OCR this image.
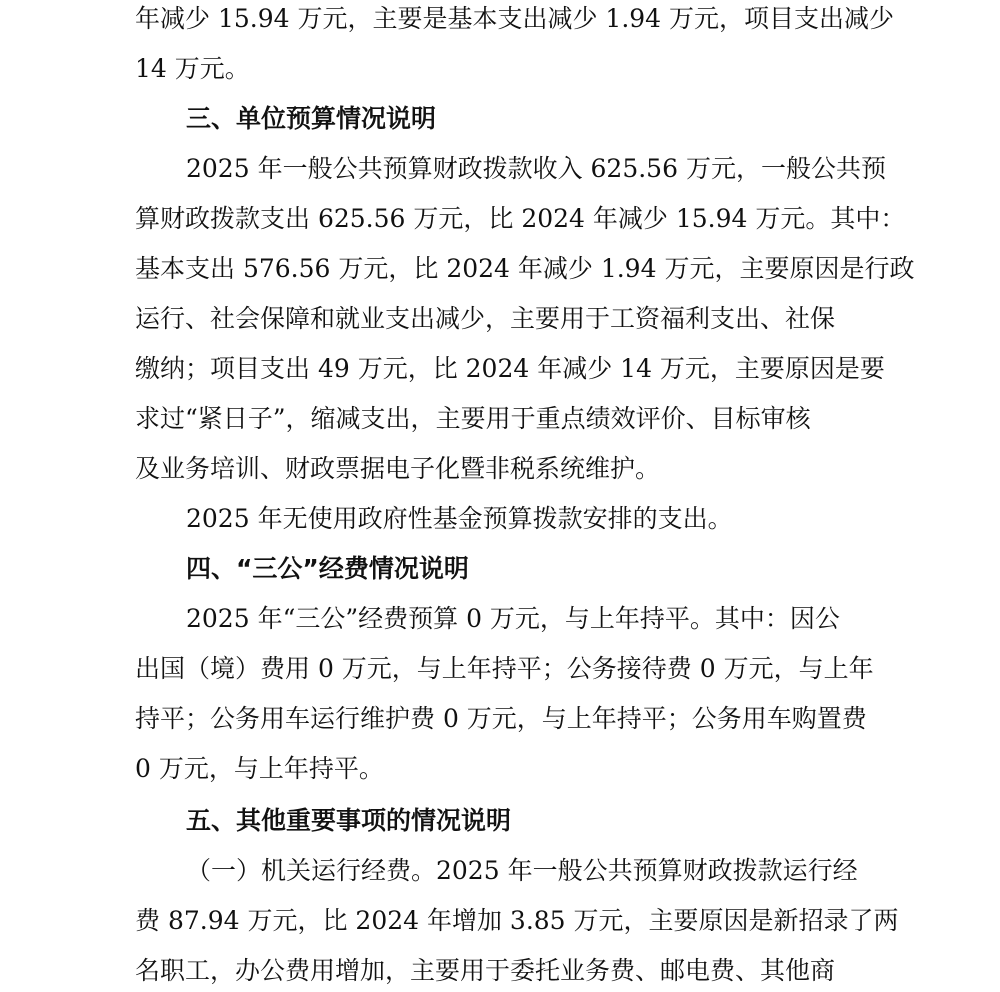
年减少 15.94 万元，主要是基本支出减少 1.94 万元，项目支出减少
14 万元。
三、单位预算情况说明
2025 年一般公共预算财政拨款收入 625.56 万元，一般公共预
算财政拨款支出 625.56 万元，比 2024 年减少 15.94 万元。其中：
基本支出 576.56 万元，比 2024 年减少 1.94 万元，主要原因是行政
运行、社会保障和就业支出减少，主要用于工资福利支出、社保
缴纳；项目支出 49 万元，比 2024 年减少 14 万元，主要原因是要
求过“紧日子”，缩减支出，主要用于重点绩效评价、目标审核
及业务培训、财政票据电子化暨非税系统维护。
2025 年无使用政府性基金预算拨款安排的支出。
四、“三公”经费情况说明
2025 年“三公”经费预算 0 万元，与上年持平。其中：因公
出国（境）费用 0 万元，与上年持平；公务接待费 0 万元，与上年
持平；公务用车运行维护费 0 万元，与上年持平；公务用车购置费
0 万元，与上年持平。
五、其他重要事项的情况说明
（一）机关运行经费。2025 年一般公共预算财政拨款运行经
费 87.94 万元，比 2024 年增加 3.85 万元，主要原因是新招录了两
名职工，办公费用增加，主要用于委托业务费、邮电费、其他商
